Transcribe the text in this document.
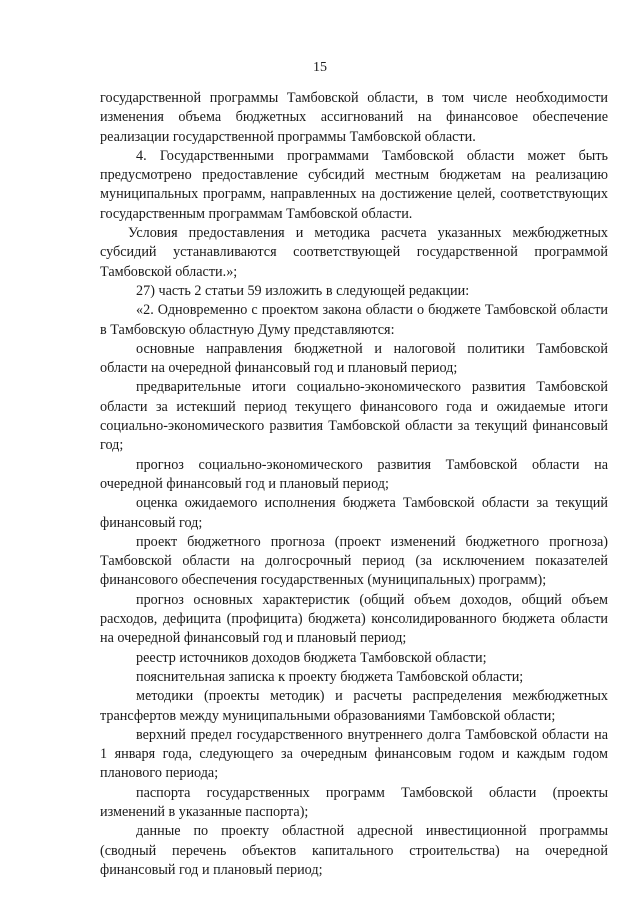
15

государственной программы Тамбовской области, в том числе необходимости изменения объема бюджетных ассигнований на финансовое обеспечение реализации государственной программы Тамбовской области.

4. Государственными программами Тамбовской области может быть предусмотрено предоставление субсидий местным бюджетам на реализацию муниципальных программ, направленных на достижение целей, соответствующих государственным программам Тамбовской области.

Условия предоставления и методика расчета указанных межбюджетных субсидий устанавливаются соответствующей государственной программой Тамбовской области.»;

27) часть 2 статьи 59 изложить в следующей редакции:

«2. Одновременно с проектом закона области о бюджете Тамбовской области в Тамбовскую областную Думу представляются:

основные направления бюджетной и налоговой политики Тамбовской области на очередной финансовый год и плановый период;

предварительные итоги социально-экономического развития Тамбовской области за истекший период текущего финансового года и ожидаемые итоги социально-экономического развития Тамбовской области за текущий финансовый год;

прогноз социально-экономического развития Тамбовской области на очередной финансовый год и плановый период;

оценка ожидаемого исполнения бюджета Тамбовской области за текущий финансовый год;

проект бюджетного прогноза (проект изменений бюджетного прогноза) Тамбовской области на долгосрочный период (за исключением показателей финансового обеспечения государственных (муниципальных) программ);

прогноз основных характеристик (общий объем доходов, общий объем расходов, дефицита (профицита) бюджета) консолидированного бюджета области на очередной финансовый год и плановый период;

реестр источников доходов бюджета Тамбовской области;

пояснительная записка к проекту бюджета Тамбовской области;

методики (проекты методик) и расчеты распределения межбюджетных трансфертов между муниципальными образованиями Тамбовской области;

верхний предел государственного внутреннего долга Тамбовской области на 1 января года, следующего за очередным финансовым годом и каждым годом планового периода;

паспорта государственных программ Тамбовской области (проекты изменений в указанные паспорта);

данные по проекту областной адресной инвестиционной программы (сводный перечень объектов капитального строительства) на очередной финансовый год и плановый период;
